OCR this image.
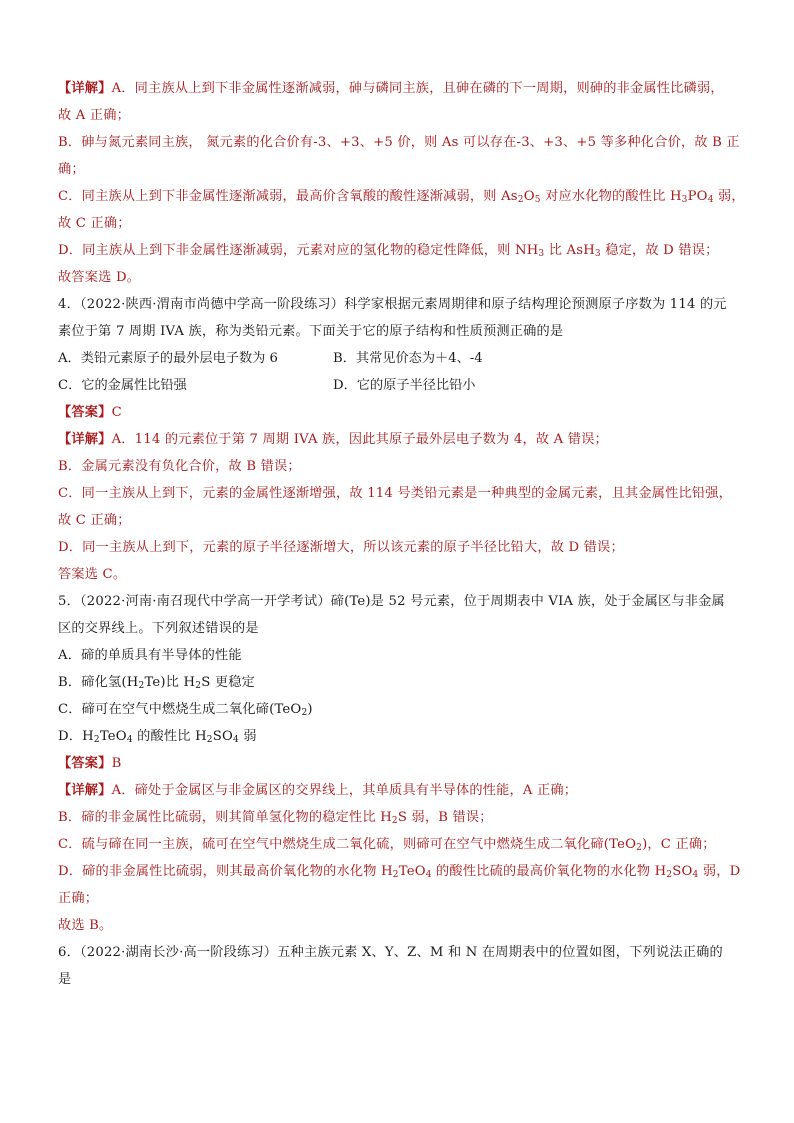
【详解】A．同主族从上到下非金属性逐渐减弱，砷与磷同主族，且砷在磷的下一周期，则砷的非金属性比磷弱，
故 A 正确；
B．砷与氮元素同主族， 氮元素的化合价有-3、+3、+5 价，则 As 可以存在-3、+3、+5 等多种化合价，故 B 正
确；
C．同主族从上到下非金属性逐渐减弱，最高价含氧酸的酸性逐渐减弱，则 $As_2O_5$ 对应水化物的酸性比 $H_3PO_4$ 弱，
故 C 正确；
D．同主族从上到下非金属性逐渐减弱，元素对应的氢化物的稳定性降低，则 $NH_3$ 比 AsH$_3$ 稳定，故 D 错误；
故答案选 D。
4．（2022·陕西·渭南市尚德中学高一阶段练习）科学家根据元素周期律和原子结构理论预测原子序数为 114 的元
素位于第 7 周期 IVA 族，称为类铅元素。下面关于它的原子结构和性质预测正确的是
A．类铅元素原子的最外层电子数为 6	B．其常见价态为＋4、-4
C．它的金属性比铅强	D．它的原子半径比铅小
【答案】C
【详解】A．114 的元素位于第 7 周期 IVA 族，因此其原子最外层电子数为 4，故 A 错误；
B．金属元素没有负化合价，故 B 错误；
C．同一主族从上到下，元素的金属性逐渐增强，故 114 号类铅元素是一种典型的金属元素，且其金属性比铅强，
故 C 正确；
D．同一主族从上到下，元素的原子半径逐渐增大，所以该元素的原子半径比铅大，故 D 错误；
答案选 C。
5．（2022·河南·南召现代中学高一开学考试）碲(Te)是 52 号元素，位于周期表中 VIA 族，处于金属区与非金属
区的交界线上。下列叙述错误的是
A．碲的单质具有半导体的性能
B．碲化氢$(H_2Te)$比 $H_2S$ 更稳定
C．碲可在空气中燃烧生成二氧化碲(TeO$_2$)
D．$H_2TeO_4$ 的酸性比 $H_2SO_4$ 弱
【答案】B
【详解】A．碲处于金属区与非金属区的交界线上，其单质具有半导体的性能，A 正确；
B．碲的非金属性比硫弱，则其简单氢化物的稳定性比 $H_2S$ 弱，B 错误；
C．硫与碲在同一主族，硫可在空气中燃烧生成二氧化硫，则碲可在空气中燃烧生成二氧化碲(TeO$_2$)，C 正确；
D．碲的非金属性比硫弱，则其最高价氧化物的水化物 $H_2TeO_4$ 的酸性比硫的最高价氧化物的水化物 $H_2SO_4$ 弱，D
正确；
故选 B。
6．（2022·湖南长沙·高一阶段练习）五种主族元素 X、Y、Z、M 和 N 在周期表中的位置如图，下列说法正确的
是
